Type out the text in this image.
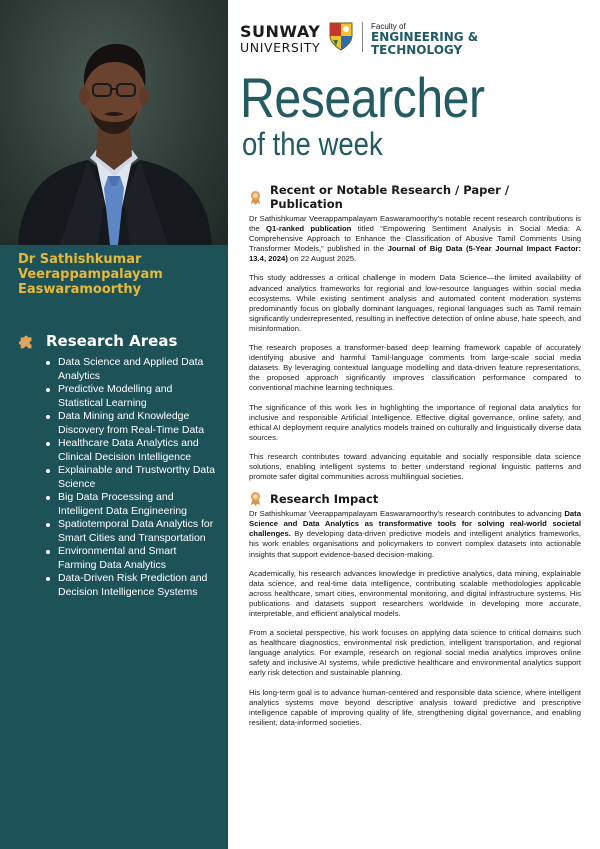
Dr Sathishkumar
Veerappampalayam
Easwaramoorthy
Research Areas
Data Science and Applied Data Analytics
Predictive Modelling and Statistical Learning
Data Mining and Knowledge Discovery from Real-Time Data
Healthcare Data Analytics and Clinical Decision Intelligence
Explainable and Trustworthy Data Science
Big Data Processing and Intelligent Data Engineering
Spatiotemporal Data Analytics for Smart Cities and Transportation
Environmental and Smart Farming Data Analytics
Data-Driven Risk Prediction and Decision Intelligence Systems
SUNWAY
UNIVERSITY
Faculty of
ENGINEERING &
TECHNOLOGY
Researcher
of the week
Recent or Notable Research / Paper / Publication

Dr Sathishkumar Veerappampalayam Easwaramoorthy's notable recent research contributions is the Q1-ranked publication titled “Empowering Sentiment Analysis in Social Media: A Comprehensive Approach to Enhance the Classification of Abusive Tamil Comments Using Transformer Models,” published in the Journal of Big Data (5-Year Journal Impact Factor: 13.4, 2024) on 22 August 2025.

This study addresses a critical challenge in modern Data Science—the limited availability of advanced analytics frameworks for regional and low-resource languages within social media ecosystems. While existing sentiment analysis and automated content moderation systems predominantly focus on globally dominant languages, regional languages such as Tamil remain significantly underrepresented, resulting in ineffective detection of online abuse, hate speech, and misinformation.

The research proposes a transformer-based deep learning framework capable of accurately identifying abusive and harmful Tamil-language comments from large-scale social media datasets. By leveraging contextual language modelling and data-driven feature representations, the proposed approach significantly improves classification performance compared to conventional machine learning techniques.

The significance of this work lies in highlighting the importance of regional data analytics for inclusive and responsible Artificial Intelligence. Effective digital governance, online safety, and ethical AI deployment require analytics models trained on culturally and linguistically diverse data sources.

This research contributes toward advancing equitable and socially responsible data science solutions, enabling intelligent systems to better understand regional linguistic patterns and promote safer digital communities across multilingual societies.

Research Impact

Dr Sathishkumar Veerappampalayam Easwaramoorthy's research contributes to advancing Data Science and Data Analytics as transformative tools for solving real-world societal challenges. By developing data-driven predictive models and intelligent analytics frameworks, his work enables organisations and policymakers to convert complex datasets into actionable insights that support evidence-based decision-making.

Academically, his research advances knowledge in predictive analytics, data mining, explainable data science, and real-time data intelligence, contributing scalable methodologies applicable across healthcare, smart cities, environmental monitoring, and digital infrastructure systems. His publications and datasets support researchers worldwide in developing more accurate, interpretable, and efficient analytical models.

From a societal perspective, his work focuses on applying data science to critical domains such as healthcare diagnostics, environmental risk prediction, intelligent transportation, and regional language analytics. For example, research on regional social media analytics improves online safety and inclusive AI systems, while predictive healthcare and environmental analytics support early risk detection and sustainable planning.

His long-term goal is to advance human-centered and responsible data science, where intelligent analytics systems move beyond descriptive analysis toward predictive and prescriptive intelligence capable of improving quality of life, strengthening digital governance, and enabling resilient, data-informed societies.
